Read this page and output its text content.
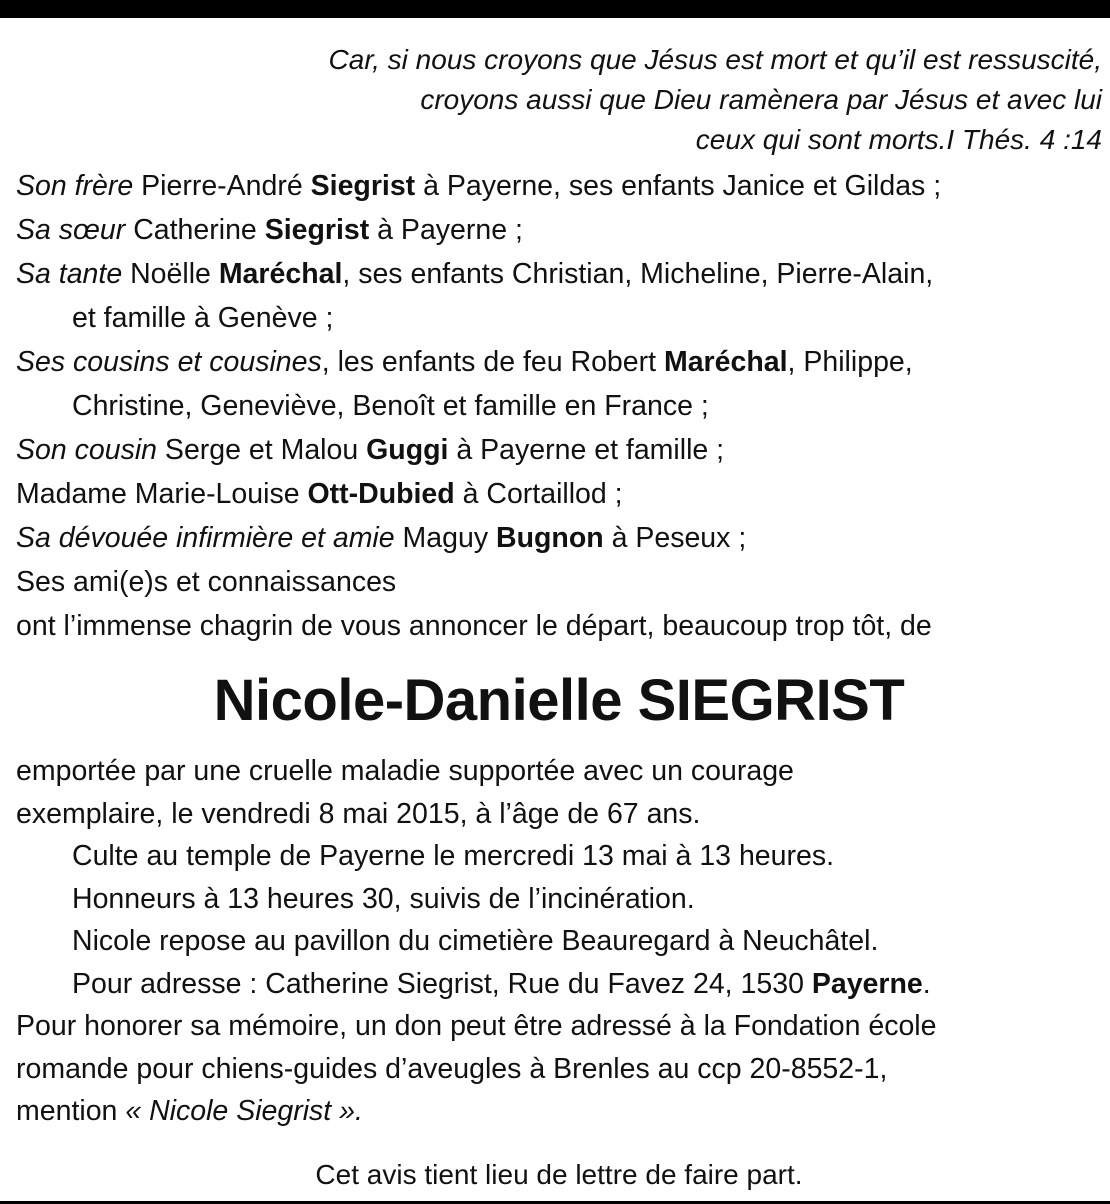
Car, si nous croyons que Jésus est mort et qu’il est ressuscité,
croyons aussi que Dieu ramènera par Jésus et avec lui
ceux qui sont morts.I Thés. 4 :14
Son frère Pierre-André Siegrist à Payerne, ses enfants Janice et Gildas ;
Sa sœur Catherine Siegrist à Payerne ;
Sa tante Noëlle Maréchal, ses enfants Christian, Micheline, Pierre-Alain,
et famille à Genève ;
Ses cousins et cousines, les enfants de feu Robert Maréchal, Philippe,
Christine, Geneviève, Benoît et famille en France ;
Son cousin Serge et Malou Guggi à Payerne et famille ;
Madame Marie-Louise Ott-Dubied à Cortaillod ;
Sa dévouée infirmière et amie Maguy Bugnon à Peseux ;
Ses ami(e)s et connaissances
ont l’immense chagrin de vous annoncer le départ, beaucoup trop tôt, de
Nicole-Danielle SIEGRIST
emportée par une cruelle maladie supportée avec un courage
exemplaire, le vendredi 8 mai 2015, à l’âge de 67 ans.
Culte au temple de Payerne le mercredi 13 mai à 13 heures.
Honneurs à 13 heures 30, suivis de l’incinération.
Nicole repose au pavillon du cimetière Beauregard à Neuchâtel.
Pour adresse : Catherine Siegrist, Rue du Favez 24, 1530 Payerne.
Pour honorer sa mémoire, un don peut être adressé à la Fondation école
romande pour chiens-guides d’aveugles à Brenles au ccp 20-8552-1,
mention « Nicole Siegrist ».
Cet avis tient lieu de lettre de faire part.
